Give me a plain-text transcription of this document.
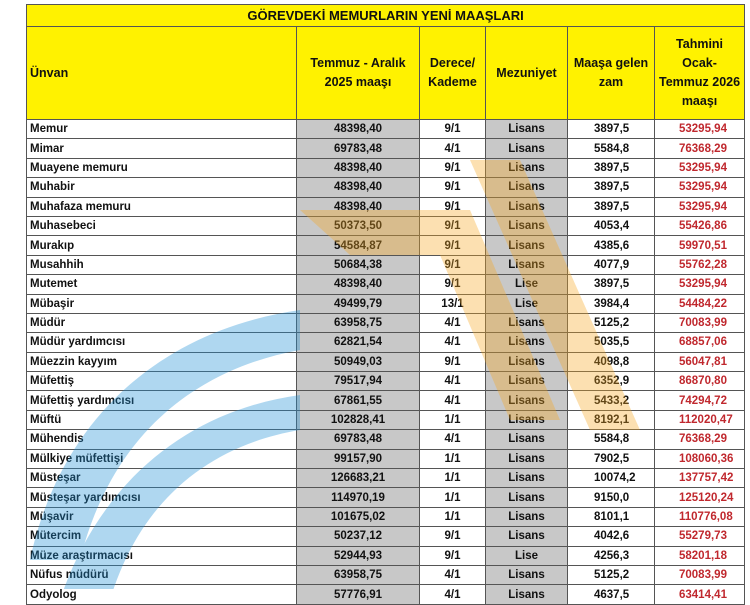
GÖREVDEKİ MEMURLARIN YENİ MAAŞLARI					
Ünvan	Temmuz - Aralık 2025 maaşı	Derece/ Kademe	Mezuniyet	Maaşa gelen zam	Tahmini Ocak-Temmuz 2026 maaşı
Memur	48398,40	9/1	Lisans	3897,5	53295,94
Mimar	69783,48	4/1	Lisans	5584,8	76368,29
Muayene memuru	48398,40	9/1	Lisans	3897,5	53295,94
Muhabir	48398,40	9/1	Lisans	3897,5	53295,94
Muhafaza memuru	48398,40	9/1	Lisans	3897,5	53295,94
Muhasebeci	50373,50	9/1	Lisans	4053,4	55426,86
Murakıp	54584,87	9/1	Lisans	4385,6	59970,51
Musahhih	50684,38	9/1	Lisans	4077,9	55762,28
Mutemet	48398,40	9/1	Lise	3897,5	53295,94
Mübaşir	49499,79	13/1	Lise	3984,4	54484,22
Müdür	63958,75	4/1	Lisans	5125,2	70083,99
Müdür yardımcısı	62821,54	4/1	Lisans	5035,5	68857,06
Müezzin kayyım	50949,03	9/1	Lisans	4098,8	56047,81
Müfettiş	79517,94	4/1	Lisans	6352,9	86870,80
Müfettiş yardımcısı	67861,55	4/1	Lisans	5433,2	74294,72
Müftü	102828,41	1/1	Lisans	8192,1	112020,47
Mühendis	69783,48	4/1	Lisans	5584,8	76368,29
Mülkiye müfettişi	99157,90	1/1	Lisans	7902,5	108060,36
Müsteşar	126683,21	1/1	Lisans	10074,2	137757,42
Müsteşar yardımcısı	114970,19	1/1	Lisans	9150,0	125120,24
Müşavir	101675,02	1/1	Lisans	8101,1	110776,08
Mütercim	50237,12	9/1	Lisans	4042,6	55279,73
Müze araştırmacısı	52944,93	9/1	Lise	4256,3	58201,18
Nüfus müdürü	63958,75	4/1	Lisans	5125,2	70083,99
Odyolog	57776,91	4/1	Lisans	4637,5	63414,41
